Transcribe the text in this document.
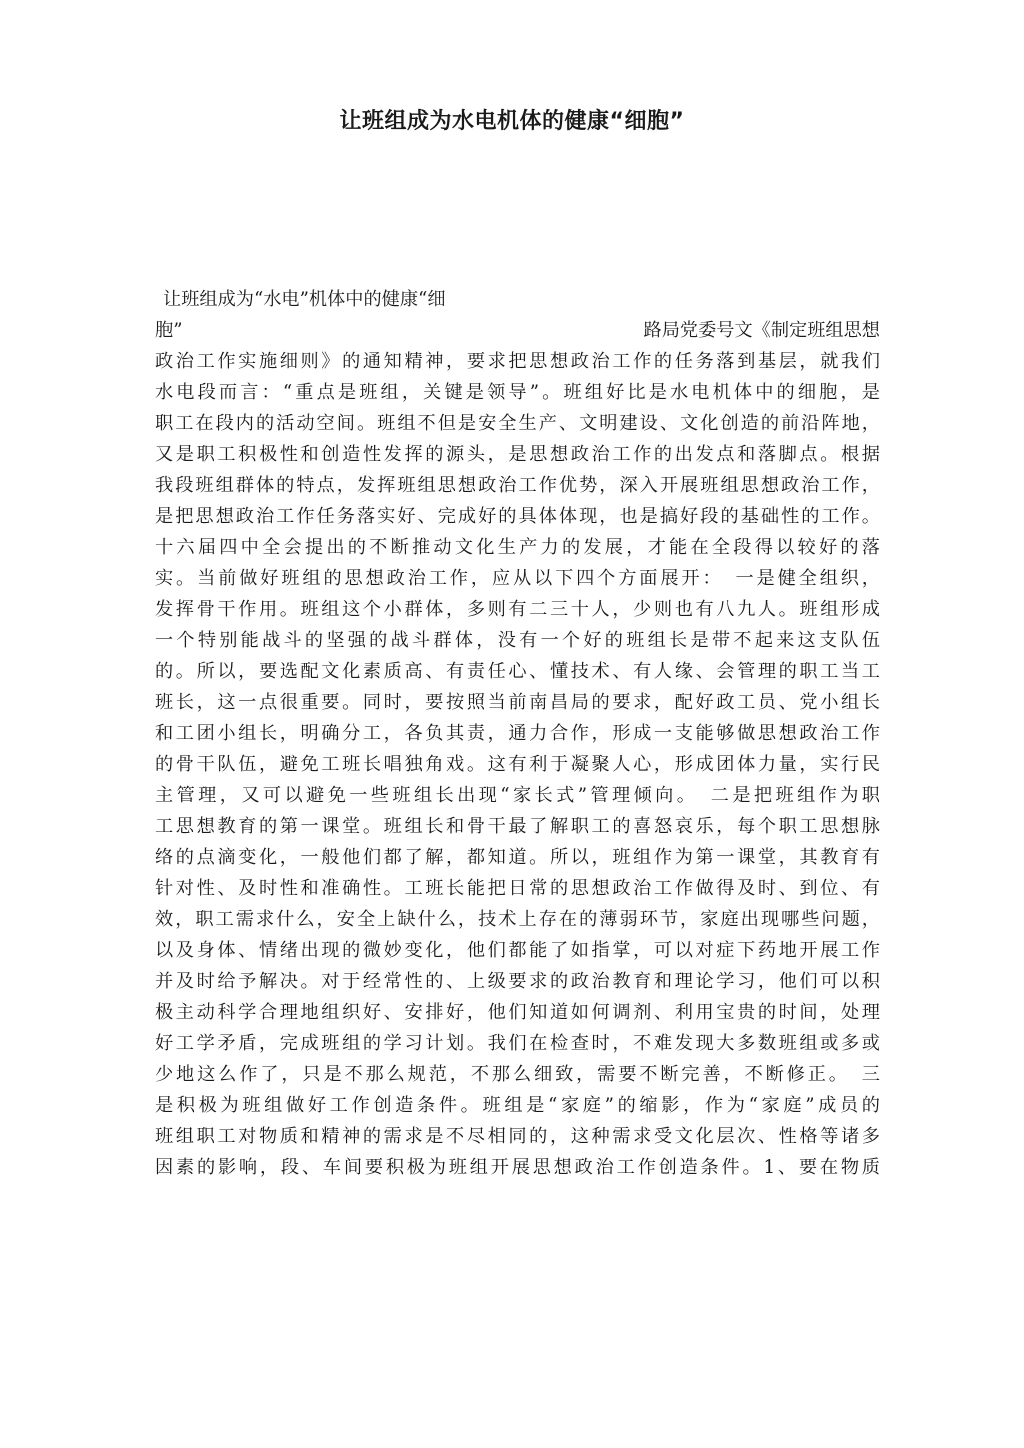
让班组成为水电机体的健康“细胞”
让班组成为“水电”机体中的健康“细
胞”	路局党委号文《制定班组思想
政治工作实施细则》的通知精神，要求把思想政治工作的任务落到基层，就我们
水电段而言：“重点是班组，关键是领导”。班组好比是水电机体中的细胞，是
职工在段内的活动空间。班组不但是安全生产、文明建设、文化创造的前沿阵地，
又是职工积极性和创造性发挥的源头，是思想政治工作的出发点和落脚点。根据
我段班组群体的特点，发挥班组思想政治工作优势，深入开展班组思想政治工作，
是把思想政治工作任务落实好、完成好的具体体现，也是搞好段的基础性的工作。
十六届四中全会提出的不断推动文化生产力的发展，才能在全段得以较好的落
实。当前做好班组的思想政治工作，应从以下四个方面展开：　一是健全组织，
发挥骨干作用。班组这个小群体，多则有二三十人，少则也有八九人。班组形成
一个特别能战斗的坚强的战斗群体，没有一个好的班组长是带不起来这支队伍
的。所以，要选配文化素质高、有责任心、懂技术、有人缘、会管理的职工当工
班长，这一点很重要。同时，要按照当前南昌局的要求，配好政工员、党小组长
和工团小组长，明确分工，各负其责，通力合作，形成一支能够做思想政治工作
的骨干队伍，避免工班长唱独角戏。这有利于凝聚人心，形成团体力量，实行民
主管理，又可以避免一些班组长出现“家长式”管理倾向。　二是把班组作为职
工思想教育的第一课堂。班组长和骨干最了解职工的喜怒哀乐，每个职工思想脉
络的点滴变化，一般他们都了解，都知道。所以，班组作为第一课堂，其教育有
针对性、及时性和准确性。工班长能把日常的思想政治工作做得及时、到位、有
效，职工需求什么，安全上缺什么，技术上存在的薄弱环节，家庭出现哪些问题，
以及身体、情绪出现的微妙变化，他们都能了如指掌，可以对症下药地开展工作
并及时给予解决。对于经常性的、上级要求的政治教育和理论学习，他们可以积
极主动科学合理地组织好、安排好，他们知道如何调剂、利用宝贵的时间，处理
好工学矛盾，完成班组的学习计划。我们在检查时，不难发现大多数班组或多或
少地这么作了，只是不那么规范，不那么细致，需要不断完善，不断修正。　三
是积极为班组做好工作创造条件。班组是“家庭”的缩影，作为“家庭”成员的
班组职工对物质和精神的需求是不尽相同的，这种需求受文化层次、性格等诸多
因素的影响，段、车间要积极为班组开展思想政治工作创造条件。1、要在物质
